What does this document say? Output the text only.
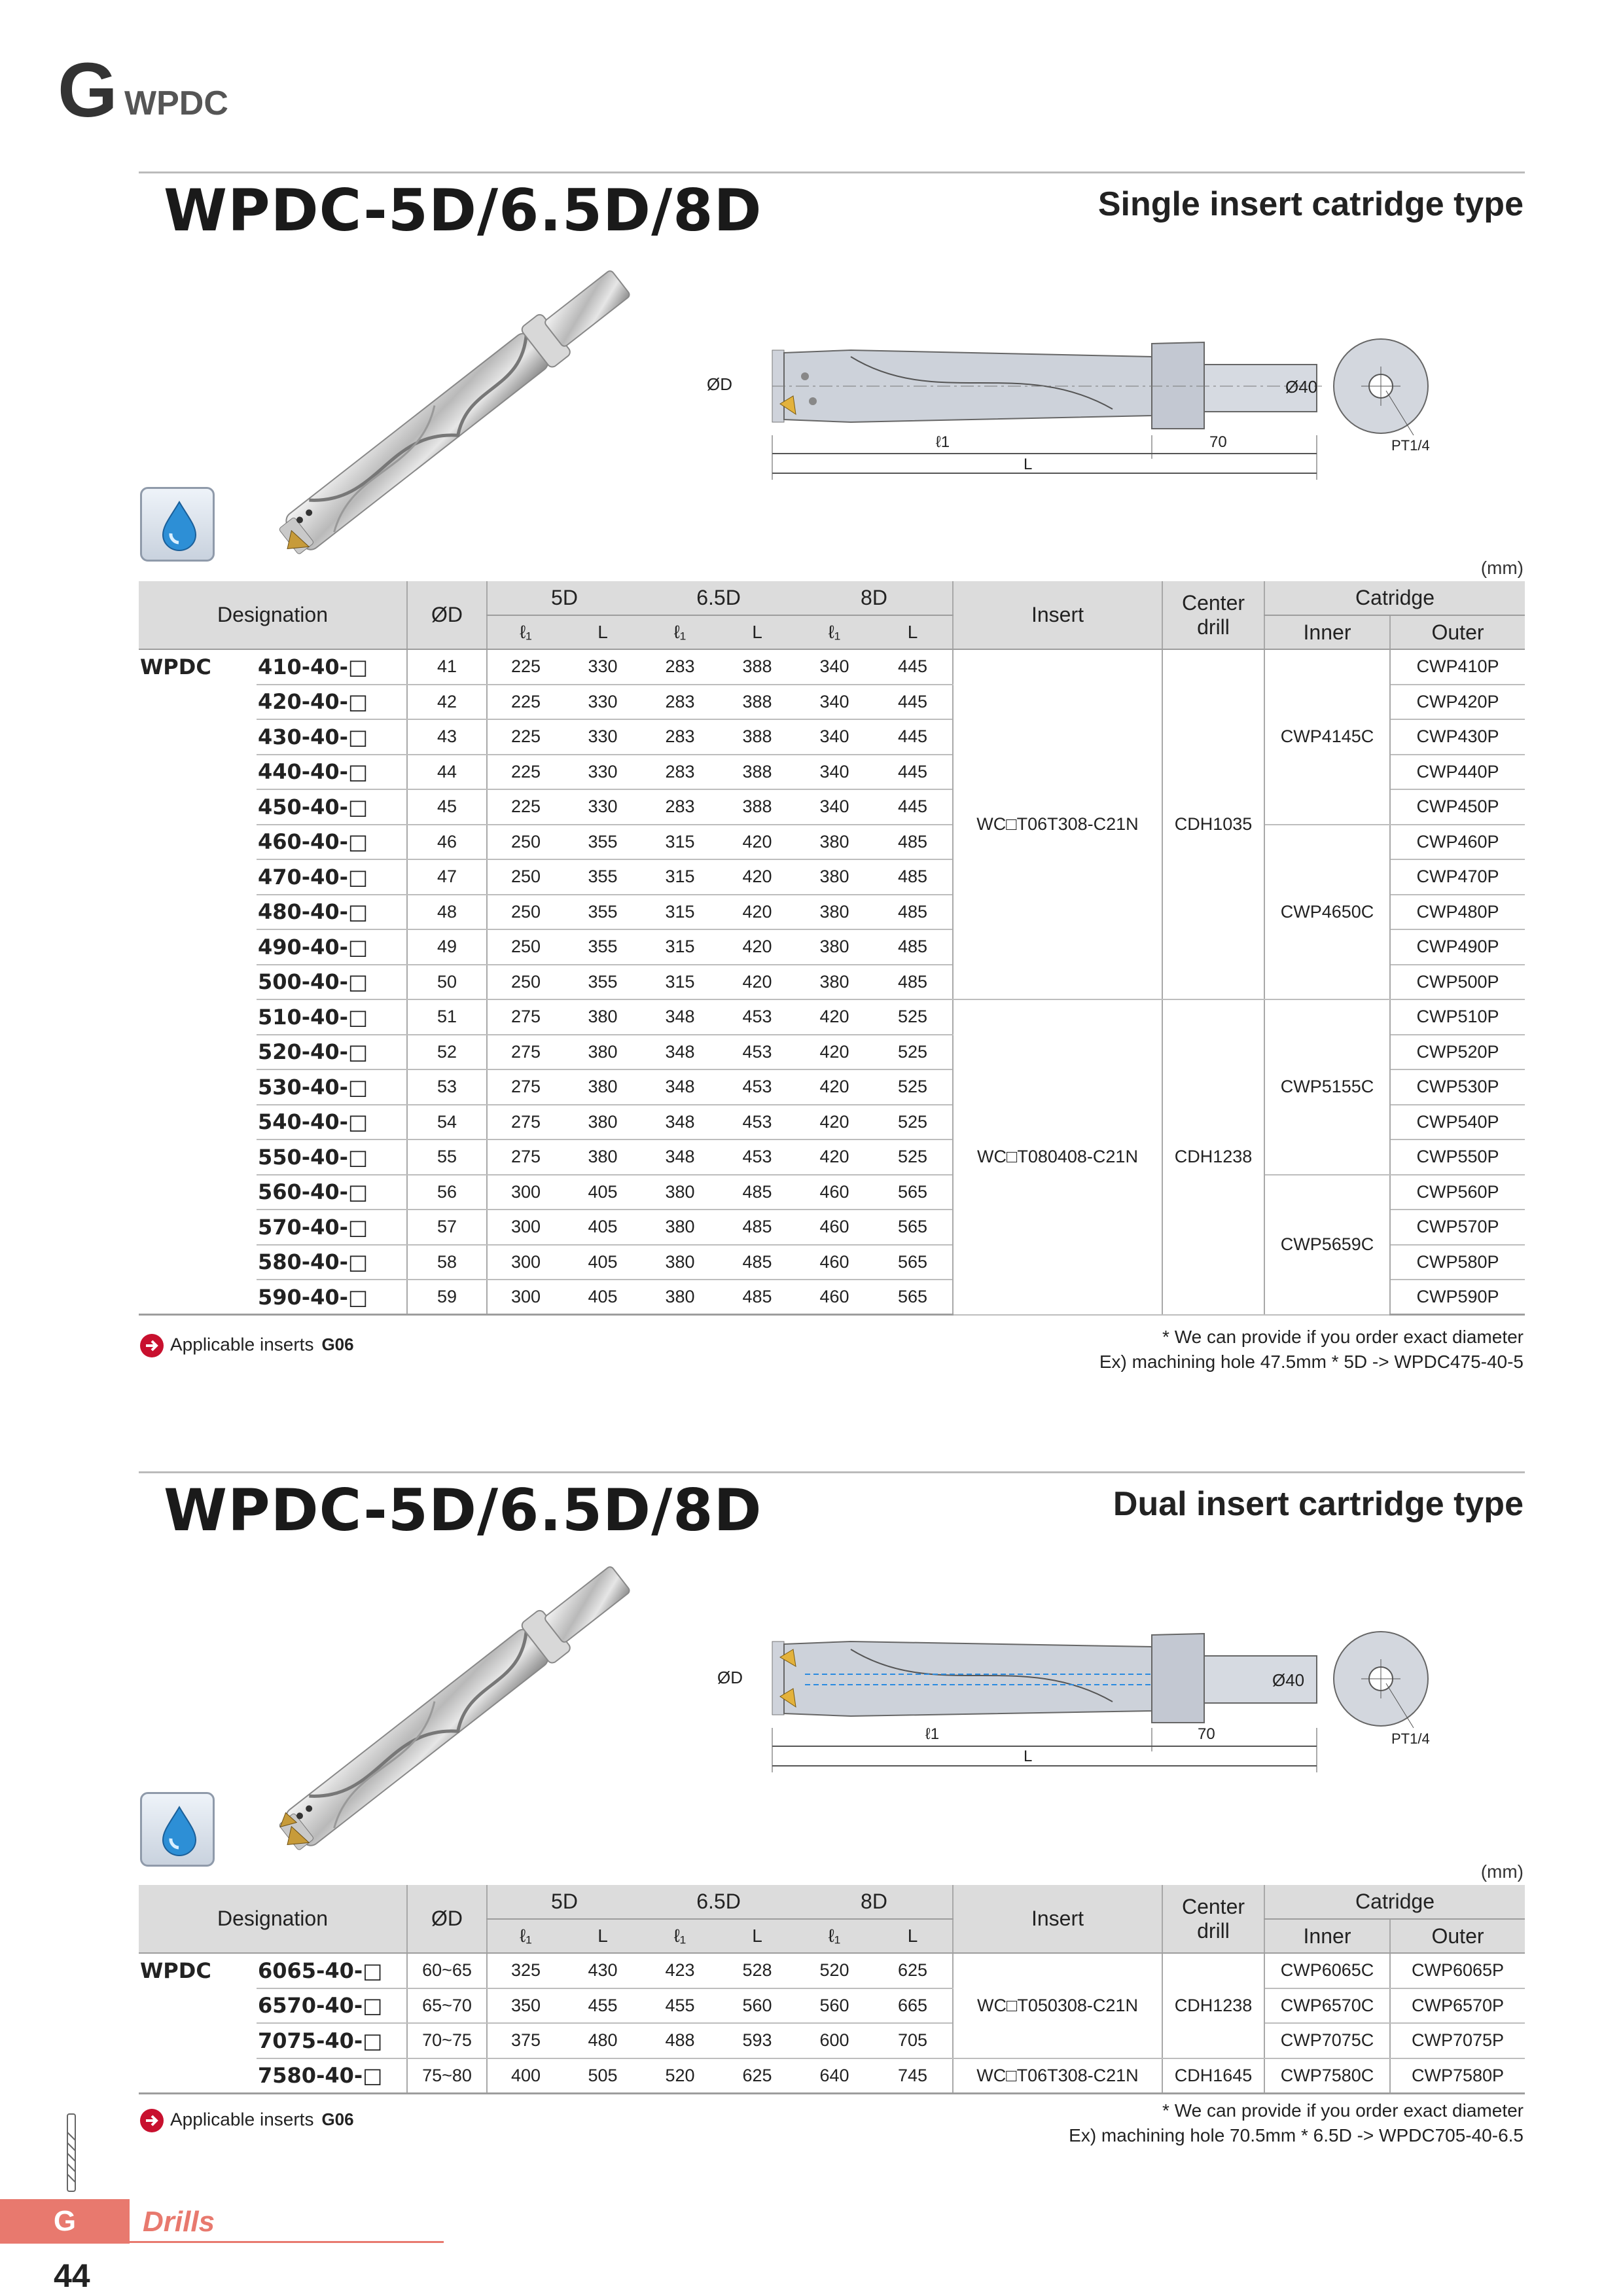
G WPDC
WPDC-5D/6.5D/8D	Single insert catridge type
ØD	Ø40
ℓ1	70
L
PT1/4
(mm)
Designation		ØD	5D		6.5D		8D		Insert	Center
drill	Catridge	
			ℓ₁	L	ℓ₁	L	ℓ₁	L			Inner	Outer
WPDC	410-40-□	41	225	330	283	388	340	445	WC□T06T308-C21N	CDH1035	CWP4145C	CWP410P
	420-40-□	42	225	330	283	388	340	445				CWP420P
	430-40-□	43	225	330	283	388	340	445				CWP430P
	440-40-□	44	225	330	283	388	340	445				CWP440P
	450-40-□	45	225	330	283	388	340	445				CWP450P
	460-40-□	46	250	355	315	420	380	485			CWP4650C	CWP460P
	470-40-□	47	250	355	315	420	380	485				CWP470P
	480-40-□	48	250	355	315	420	380	485				CWP480P
	490-40-□	49	250	355	315	420	380	485				CWP490P
	500-40-□	50	250	355	315	420	380	485				CWP500P
	510-40-□	51	275	380	348	453	420	525	WC□T080408-C21N	CDH1238	CWP5155C	CWP510P
	520-40-□	52	275	380	348	453	420	525				CWP520P
	530-40-□	53	275	380	348	453	420	525				CWP530P
	540-40-□	54	275	380	348	453	420	525				CWP540P
	550-40-□	55	275	380	348	453	420	525				CWP550P
	560-40-□	56	300	405	380	485	460	565			CWP5659C	CWP560P
	570-40-□	57	300	405	380	485	460	565				CWP570P
	580-40-□	58	300	405	380	485	460	565				CWP580P
	590-40-□	59	300	405	380	485	460	565				CWP590P
Applicable inserts G06	* We can provide if you order exact diameter
Ex) machining hole 47.5mm * 5D -> WPDC475-40-5
WPDC-5D/6.5D/8D	Dual insert cartridge type
ØD	Ø40
ℓ1	70
L
PT1/4
(mm)
Designation		ØD	5D		6.5D		8D		Insert	Center
drill	Catridge	
			ℓ₁	L	ℓ₁	L	ℓ₁	L			Inner	Outer
WPDC	6065-40-□	60~65	325	430	423	528	520	625	WC□T050308-C21N	CDH1238	CWP6065C	CWP6065P
	6570-40-□	65~70	350	455	455	560	560	665			CWP6570C	CWP6570P
	7075-40-□	70~75	375	480	488	593	600	705			CWP7075C	CWP7075P
	7580-40-□	75~80	400	505	520	625	640	745	WC□T06T308-C21N	CDH1645	CWP7580C	CWP7580P
Applicable inserts G06	* We can provide if you order exact diameter
Ex) machining hole 70.5mm * 6.5D -> WPDC705-40-6.5
G	Drills
44
